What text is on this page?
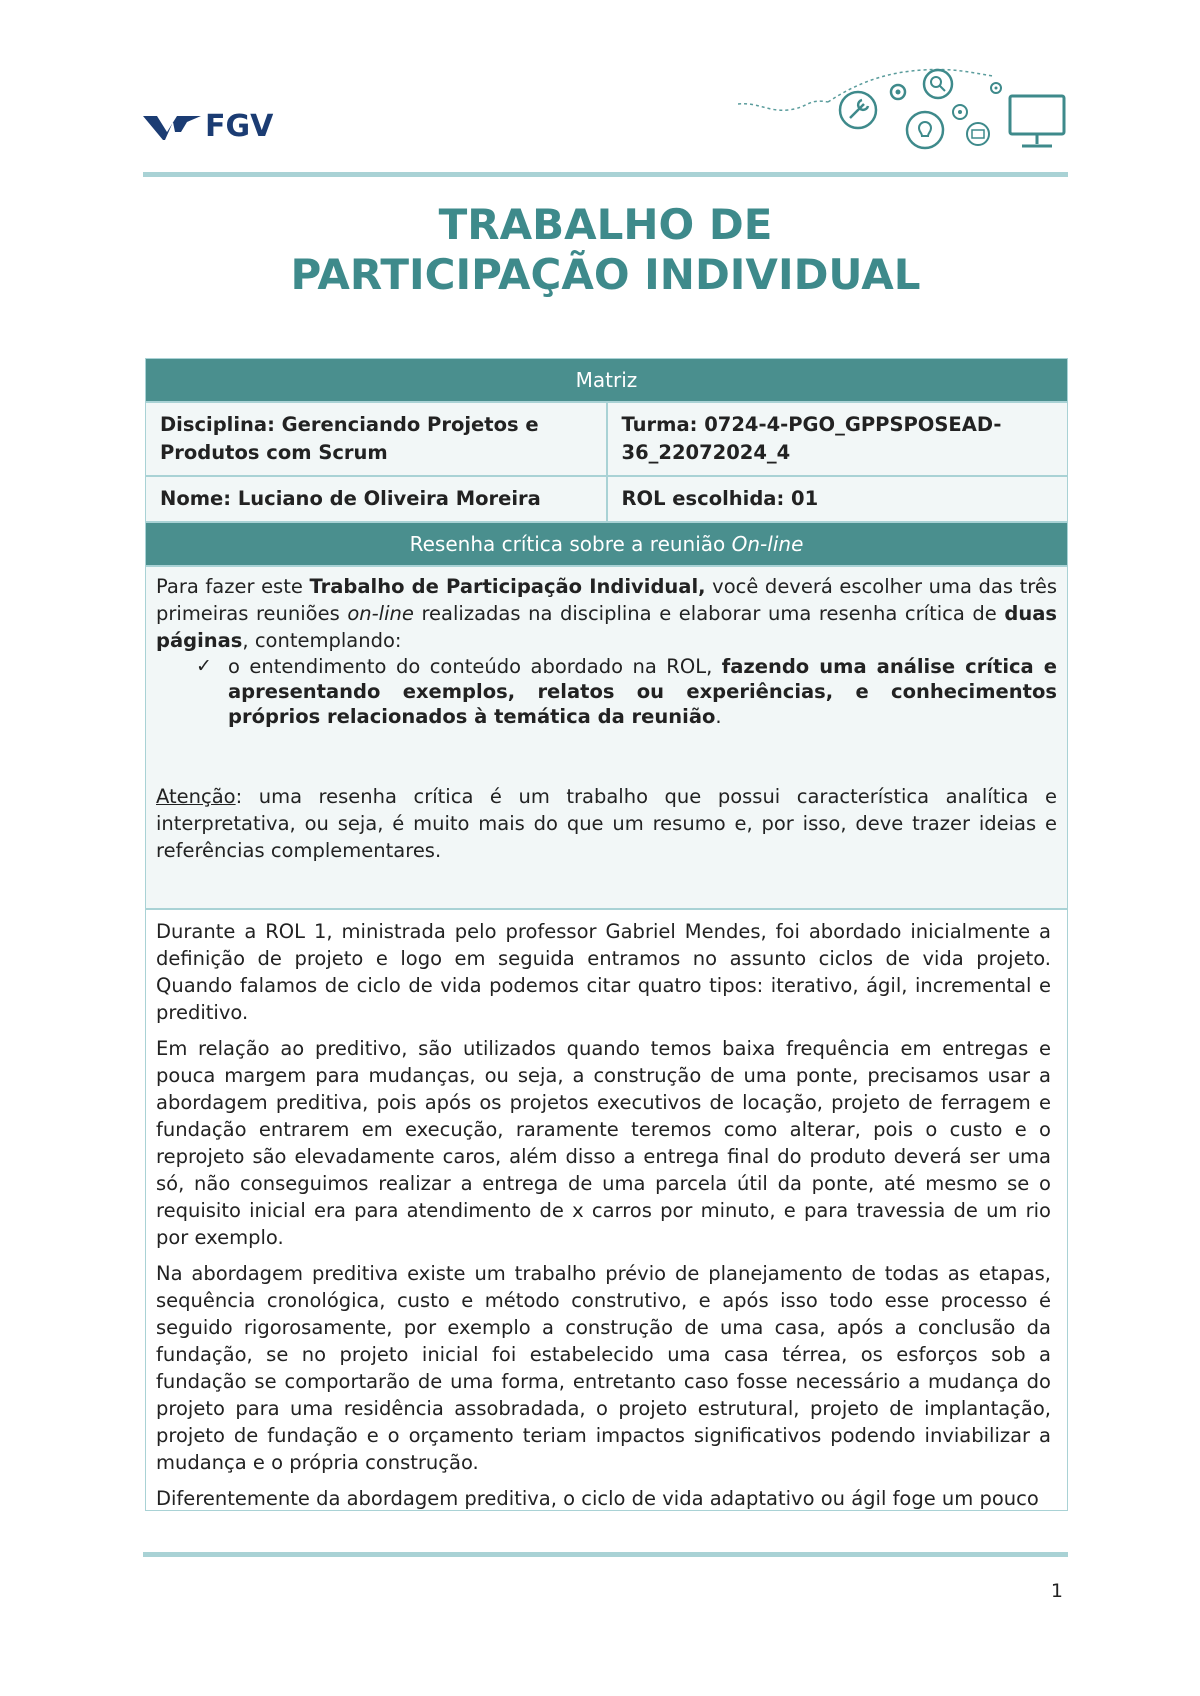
FGV
TRABALHO DE
PARTICIPAÇÃO INDIVIDUAL
Matriz
Disciplina: Gerenciando Projetos e Produtos com Scrum
Turma: 0724-4-PGO_GPPSPOSEAD-36_22072024_4
Nome: Luciano de Oliveira Moreira	ROL escolhida: 01
Resenha crítica sobre a reunião On-line
Para fazer este Trabalho de Participação Individual, você deverá escolher uma das três primeiras reuniões on-line realizadas na disciplina e elaborar uma resenha crítica de duas páginas, contemplando:
✓ o entendimento do conteúdo abordado na ROL, fazendo uma análise crítica e apresentando exemplos, relatos ou experiências, e conhecimentos próprios relacionados à temática da reunião.
Atenção: uma resenha crítica é um trabalho que possui característica analítica e interpretativa, ou seja, é muito mais do que um resumo e, por isso, deve trazer ideias e referências complementares.

Durante a ROL 1, ministrada pelo professor Gabriel Mendes, foi abordado inicialmente a definição de projeto e logo em seguida entramos no assunto ciclos de vida projeto. Quando falamos de ciclo de vida podemos citar quatro tipos: iterativo, ágil, incremental e preditivo.

Em relação ao preditivo, são utilizados quando temos baixa frequência em entregas e pouca margem para mudanças, ou seja, a construção de uma ponte, precisamos usar a abordagem preditiva, pois após os projetos executivos de locação, projeto de ferragem e fundação entrarem em execução, raramente teremos como alterar, pois o custo e o reprojeto são elevadamente caros, além disso a entrega final do produto deverá ser uma só, não conseguimos realizar a entrega de uma parcela útil da ponte, até mesmo se o requisito inicial era para atendimento de x carros por minuto, e para travessia de um rio por exemplo.

Na abordagem preditiva existe um trabalho prévio de planejamento de todas as etapas, sequência cronológica, custo e método construtivo, e após isso todo esse processo é seguido rigorosamente, por exemplo a construção de uma casa, após a conclusão da fundação, se no projeto inicial foi estabelecido uma casa térrea, os esforços sob a fundação se comportarão de uma forma, entretanto caso fosse necessário a mudança do projeto para uma residência assobradada, o projeto estrutural, projeto de implantação, projeto de fundação e o orçamento teriam impactos significativos podendo inviabilizar a mudança e o própria construção.

Diferentemente da abordagem preditiva, o ciclo de vida adaptativo ou ágil foge um pouco

1
